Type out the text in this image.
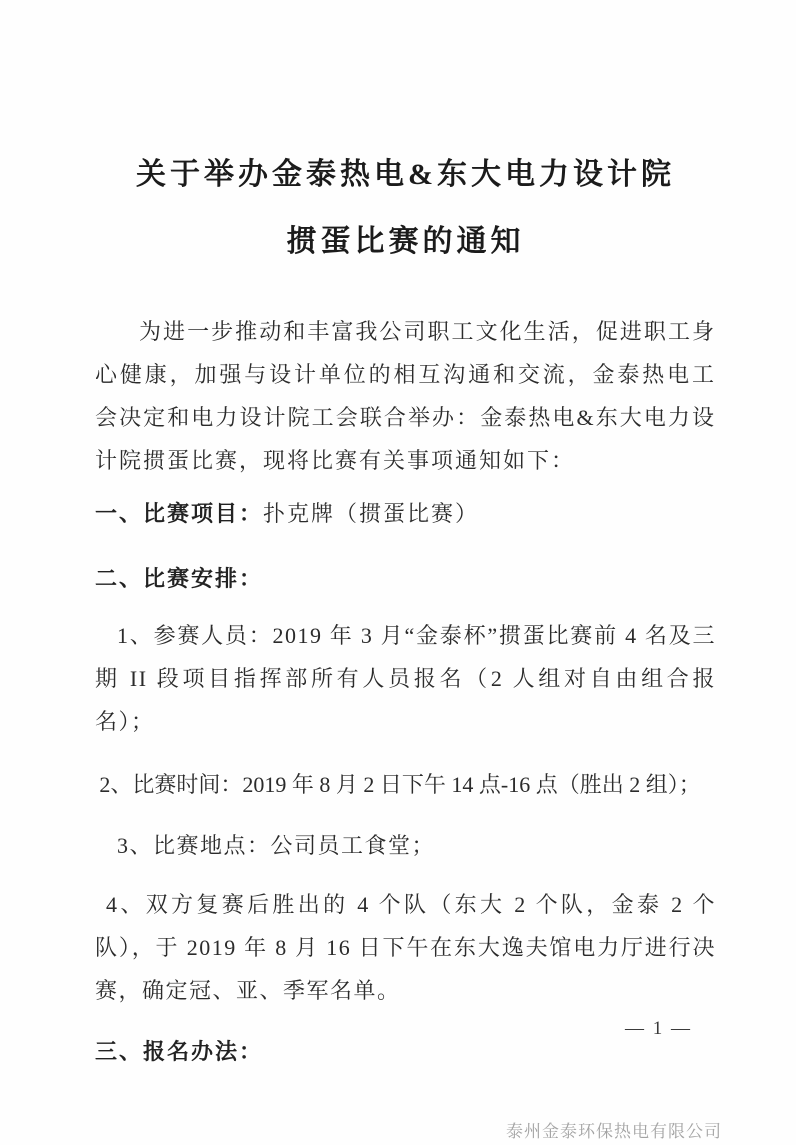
关于举办金泰热电&东大电力设计院
掼蛋比赛的通知

为进一步推动和丰富我公司职工文化生活，促进职工身心健康，加强与设计单位的相互沟通和交流，金泰热电工会决定和电力设计院工会联合举办：金泰热电&东大电力设计院掼蛋比赛，现将比赛有关事项通知如下：

一、比赛项目：扑克牌（掼蛋比赛）

二、比赛安排：

1、参赛人员：2019 年 3 月“金泰杯”掼蛋比赛前 4 名及三期 II 段项目指挥部所有人员报名（2 人组对自由组合报名）；

2、比赛时间：2019 年 8 月 2 日下午 14 点-16 点（胜出 2 组）；

3、比赛地点：公司员工食堂；

4、双方复赛后胜出的 4 个队（东大 2 个队，金泰 2 个队），于 2019 年 8 月 16 日下午在东大逸夫馆电力厅进行决赛，确定冠、亚、季军名单。

三、报名办法：

— 1 —
泰州金泰环保热电有限公司
